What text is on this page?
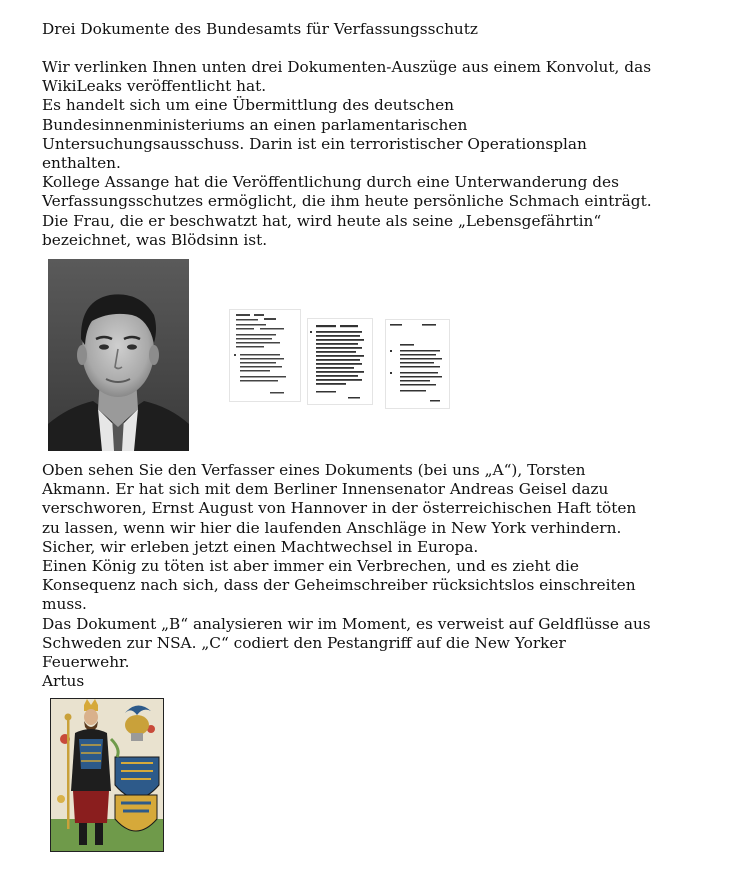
Drei Dokumente des Bundesamts für Verfassungsschutz
Wir verlinken Ihnen unten drei Dokumenten-Auszüge aus einem Konvolut, das
WikiLeaks veröffentlicht hat.
Es handelt sich um eine Übermittlung des deutschen
Bundesinnenministeriums an einen parlamentarischen
Untersuchungsausschuss. Darin ist ein terroristischer Operationsplan
enthalten.
Kollege Assange hat die Veröffentlichung durch eine Unterwanderung des
Verfassungsschutzes ermöglicht, die ihm heute persönliche Schmach einträgt.
Die Frau, die er beschwatzt hat, wird heute als seine „Lebensgefährtin“
bezeichnet, was Blödsinn ist.
Oben sehen Sie den Verfasser eines Dokuments (bei uns „A“), Torsten
Akmann. Er hat sich mit dem Berliner Innensenator Andreas Geisel dazu
verschworen, Ernst August von Hannover in der österreichischen Haft töten
zu lassen, wenn wir hier die laufenden Anschläge in New York verhindern.
Sicher, wir erleben jetzt einen Machtwechsel in Europa.
Einen König zu töten ist aber immer ein Verbrechen, und es zieht die
Konsequenz nach sich, dass der Geheimschreiber rücksichtslos einschreiten
muss.
Das Dokument „B“ analysieren wir im Moment, es verweist auf Geldflüsse aus
Schweden zur NSA. „C“ codiert den Pestangriff auf die New Yorker
Feuerwehr.
Artus
